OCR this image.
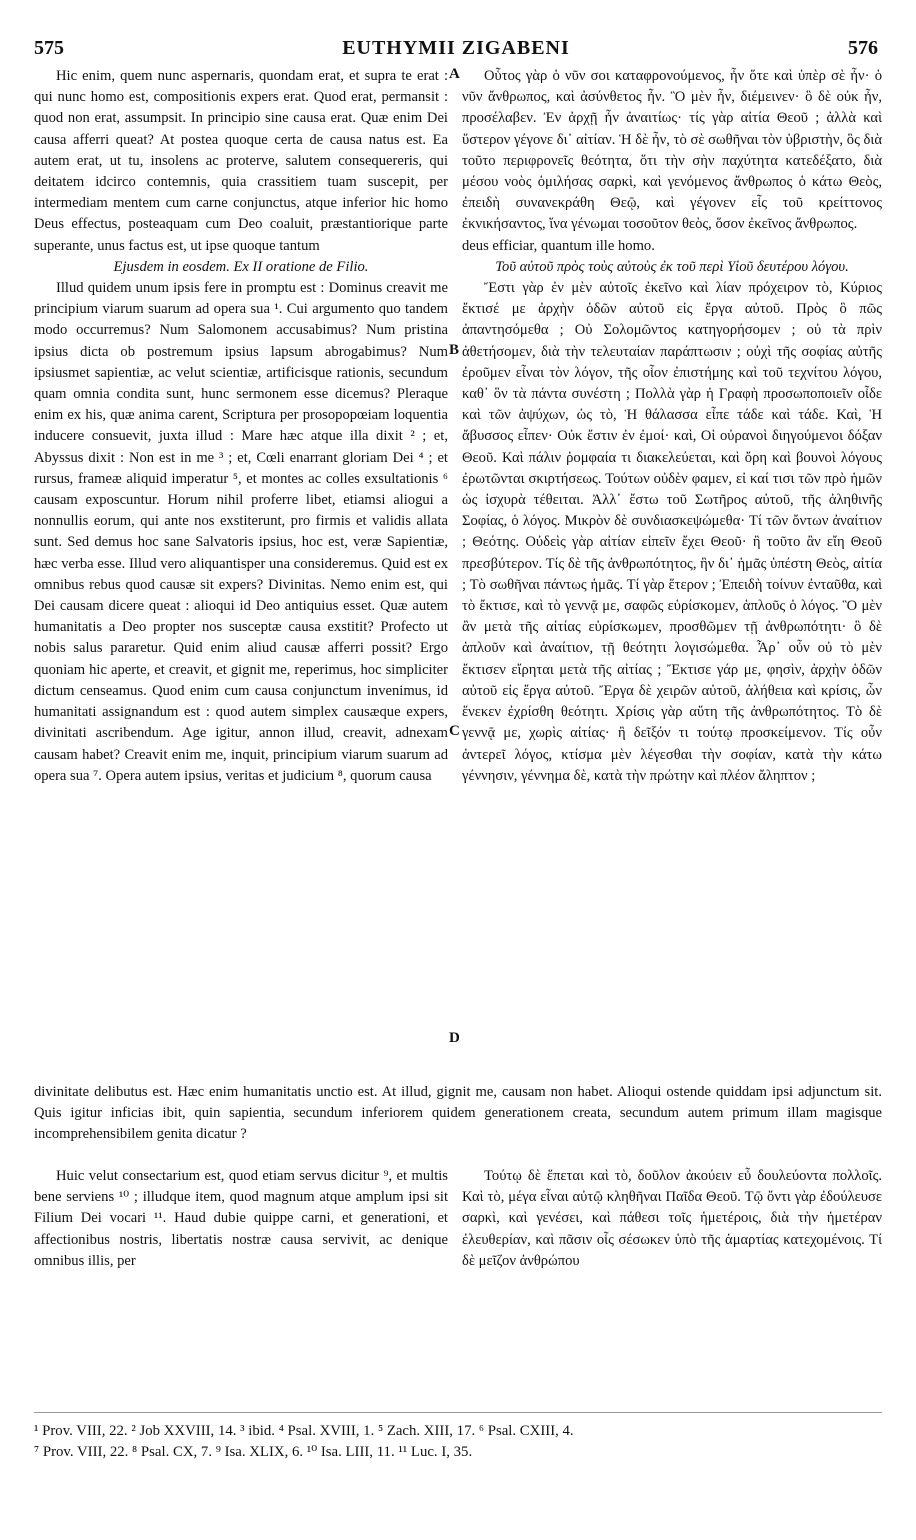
575	EUTHYMII ZIGABENI	576
A
B
C
D

Hic enim, quem nunc aspernaris, quondam erat, et supra te erat : qui nunc homo est, compositionis expers erat. Quod erat, permansit : quod non erat, assumpsit. In principio sine causa erat. Quæ enim Dei causa afferri queat? At postea quoque certa de causa natus est. Ea autem erat, ut tu, insolens ac proterve, salutem consequereris, qui deitatem idcirco contemnis, quia crassitiem tuam suscepit, per intermediam mentem cum carne conjunctus, atque inferior hic homo Deus effectus, posteaquam cum Deo coaluit, præstantiorique parte superante, unus factus est, ut ipse quoque tantum

Ejusdem in eosdem. Ex II oratione de Filio.

Illud quidem unum ipsis fere in promptu est : Dominus creavit me principium viarum suarum ad opera sua ¹. Cui argumento quo tandem modo occurremus? Num Salomonem accusabimus? Num pristina ipsius dicta ob postremum ipsius lapsum abrogabimus? Num ipsiusmet sapientiæ, ac velut scientiæ, artificisque rationis, secundum quam omnia condita sunt, hunc sermonem esse dicemus? Pleraque enim ex his, quæ anima carent, Scriptura per prosopopœiam loquentia inducere consuevit, juxta illud : Mare hæc atque illa dixit ² ; et, Abyssus dixit : Non est in me ³ ; et, Cœli enarrant gloriam Dei ⁴ ; et rursus, frameæ aliquid imperatur ⁵, et montes ac colles exsultationis ⁶ causam exposcuntur. Horum nihil proferre libet, etiamsi aliogui a nonnullis eorum, qui ante nos exstiterunt, pro firmis et validis allata sunt. Sed demus hoc sane Salvatoris ipsius, hoc est, veræ Sapientiæ, hæc verba esse. Illud vero aliquantisper una consideremus. Quid est ex omnibus rebus quod causæ sit expers? Divinitas. Nemo enim est, qui Dei causam dicere queat : alioqui id Deo antiquius esset. Quæ autem humanitatis a Deo propter nos susceptæ causa exstitit? Profecto ut nobis salus pararetur. Quid enim aliud causæ afferri possit? Ergo quoniam hic aperte, et creavit, et gignit me, reperimus, hoc simpliciter dictum censeamus. Quod enim cum causa conjunctum invenimus, id humanitati assignandum est : quod autem simplex causæque expers, divinitati ascribendum. Age igitur, annon illud, creavit, adnexam causam habet? Creavit enim me, inquit, principium viarum suarum ad opera sua ⁷. Opera autem ipsius, veritas et judicium ⁸, quorum causa

Οὗτος γὰρ ὁ νῦν σοι καταφρονούμενος, ἦν ὅτε καὶ ὑπὲρ σὲ ἦν· ὁ νῦν ἄνθρωπος, καὶ ἀσύνθετος ἦν. Ὃ μὲν ἦν, διέμεινεν· ὃ δὲ οὐκ ἦν, προσέλαβεν. Ἐν ἀρχῇ ἦν ἀναιτίως· τίς γὰρ αἰτία Θεοῦ ; ἀλλὰ καὶ ὕστερον γέγονε δι᾿ αἰτίαν. Ἡ δὲ ἦν, τὸ σὲ σωθῆναι τὸν ὑβριστὴν, ὃς διὰ τοῦτο περιφρονεῖς θεότητα, ὅτι τὴν σὴν παχύτητα κατεδέξατο, διὰ μέσου νοὸς ὁμιλήσας σαρκὶ, καὶ γενόμενος ἄνθρωπος ὁ κάτω Θεὸς, ἐπειδὴ συνανεκράθη Θεῷ, καὶ γέγονεν εἷς τοῦ κρείττονος ἐκνικήσαντος, ἵνα γένωμαι τοσοῦτον θεὸς, ὅσον ἐκεῖνος ἄνθρωπος.

deus efficiar, quantum ille homo.

Τοῦ αὐτοῦ πρὸς τοὺς αὐτοὺς ἐκ τοῦ περὶ Υἱοῦ δευτέρου λόγου.

Ἔστι γὰρ ἐν μὲν αὐτοῖς ἐκεῖνο καὶ λίαν πρόχειρον τὸ, Κύριος ἔκτισέ με ἀρχὴν ὁδῶν αὐτοῦ εἰς ἔργα αὐτοῦ. Πρὸς ὃ πῶς ἀπαντησόμεθα ; Οὐ Σολομῶντος κατηγορήσομεν ; οὐ τὰ πρὶν ἀθετήσομεν, διὰ τὴν τελευταίαν παράπτωσιν ; οὐχὶ τῆς σοφίας αὐτῆς ἐροῦμεν εἶναι τὸν λόγον, τῆς οἷον ἐπιστήμης καὶ τοῦ τεχνίτου λόγου, καθ᾿ ὃν τὰ πάντα συνέστη ; Πολλὰ γὰρ ἡ Γραφὴ προσωποποιεῖν οἶδε καὶ τῶν ἀψύχων, ὡς τὸ, Ἡ θάλασσα εἶπε τάδε καὶ τάδε. Καὶ, Ἡ ἄβυσσος εἶπεν· Οὐκ ἔστιν ἐν ἐμοί· καὶ, Οἱ οὐρανοὶ διηγούμενοι δόξαν Θεοῦ. Καὶ πάλιν ῥομφαία τι διακελεύεται, καὶ ὄρη καὶ βουνοὶ λόγους ἐρωτῶνται σκιρτήσεως. Τούτων οὐδὲν φαμεν, εἰ καί τισι τῶν πρὸ ἡμῶν ὡς ἰσχυρὰ τέθειται. Ἀλλ᾿ ἔστω τοῦ Σωτῆρος αὐτοῦ, τῆς ἀληθινῆς Σοφίας, ὁ λόγος. Μικρὸν δὲ συνδιασκεψώμεθα· Τί τῶν ὄντων ἀναίτιον ; Θεότης. Οὐδεὶς γὰρ αἰτίαν εἰπεῖν ἔχει Θεοῦ· ἢ τοῦτο ἂν εἴη Θεοῦ πρεσβύτερον. Τίς δὲ τῆς ἀνθρωπότητος, ἣν δι᾿ ἡμᾶς ὑπέστη Θεὸς, αἰτία ; Τὸ σωθῆναι πάντως ἡμᾶς. Τί γὰρ ἕτερον ; Ἐπειδὴ τοίνυν ἐνταῦθα, καὶ τὸ ἔκτισε, καὶ τὸ γεννᾷ με, σαφῶς εὑρίσκομεν, ἁπλοῦς ὁ λόγος. Ὃ μὲν ἂν μετὰ τῆς αἰτίας εὑρίσκωμεν, προσθῶμεν τῇ ἀνθρωπότητι· ὃ δὲ ἁπλοῦν καὶ ἀναίτιον, τῇ θεότητι λογισώμεθα. Ἆρ᾿ οὖν οὐ τὸ μὲν ἔκτισεν εἴρηται μετὰ τῆς αἰτίας ; Ἔκτισε γάρ με, φησὶν, ἀρχὴν ὁδῶν αὐτοῦ εἰς ἔργα αὐτοῦ. Ἔργα δὲ χειρῶν αὐτοῦ, ἀλήθεια καὶ κρίσις, ὧν ἕνεκεν ἐχρίσθη θεότητι. Χρίσις γὰρ αὕτη τῆς ἀνθρωπότητος. Τὸ δὲ γεννᾷ με, χωρὶς αἰτίας· ἢ δεῖξόν τι τούτῳ προσκείμενον. Τίς οὖν ἀντερεῖ λόγος, κτίσμα μὲν λέγεσθαι τὴν σοφίαν, κατὰ τὴν κάτω γέννησιν, γέννημα δὲ, κατὰ τὴν πρώτην καὶ πλέον ἄληπτον ;

divinitate delibutus est. Hæc enim humanitatis unctio est. At illud, gignit me, causam non habet. Alioqui ostende quiddam ipsi adjunctum sit. Quis igitur inficias ibit, quin sapientia, secundum inferiorem quidem generationem creata, secundum autem primum illam magisque incomprehensibilem genita dicatur ?

Huic velut consectarium est, quod etiam servus dicitur ⁹, et multis bene serviens ¹⁰ ; illudque item, quod magnum atque amplum ipsi sit Filium Dei vocari ¹¹. Haud dubie quippe carni, et generationi, et affectionibus nostris, libertatis nostræ causa servivit, ac denique omnibus illis, per

Τούτῳ δὲ ἕπεται καὶ τὸ, δοῦλον ἀκούειν εὖ δουλεύοντα πολλοῖς. Καὶ τὸ, μέγα εἶναι αὐτῷ κληθῆναι Παῖδα Θεοῦ. Τῷ ὄντι γὰρ ἐδούλευσε σαρκὶ, καὶ γενέσει, καὶ πάθεσι τοῖς ἡμετέροις, διὰ τὴν ἡμετέραν ἐλευθερίαν, καὶ πᾶσιν οἷς σέσωκεν ὑπὸ τῆς ἁμαρτίας κατεχομένοις. Τί δὲ μεῖζον ἀνθρώπου

¹ Prov. VIII, 22. ² Job XXVIII, 14. ³ ibid. ⁴ Psal. XVIII, 1. ⁵ Zach. XIII, 17. ⁶ Psal. CXIII, 4.
⁷ Prov. VIII, 22. ⁸ Psal. CX, 7. ⁹ Isa. XLIX, 6. ¹⁰ Isa. LIII, 11. ¹¹ Luc. I, 35.
